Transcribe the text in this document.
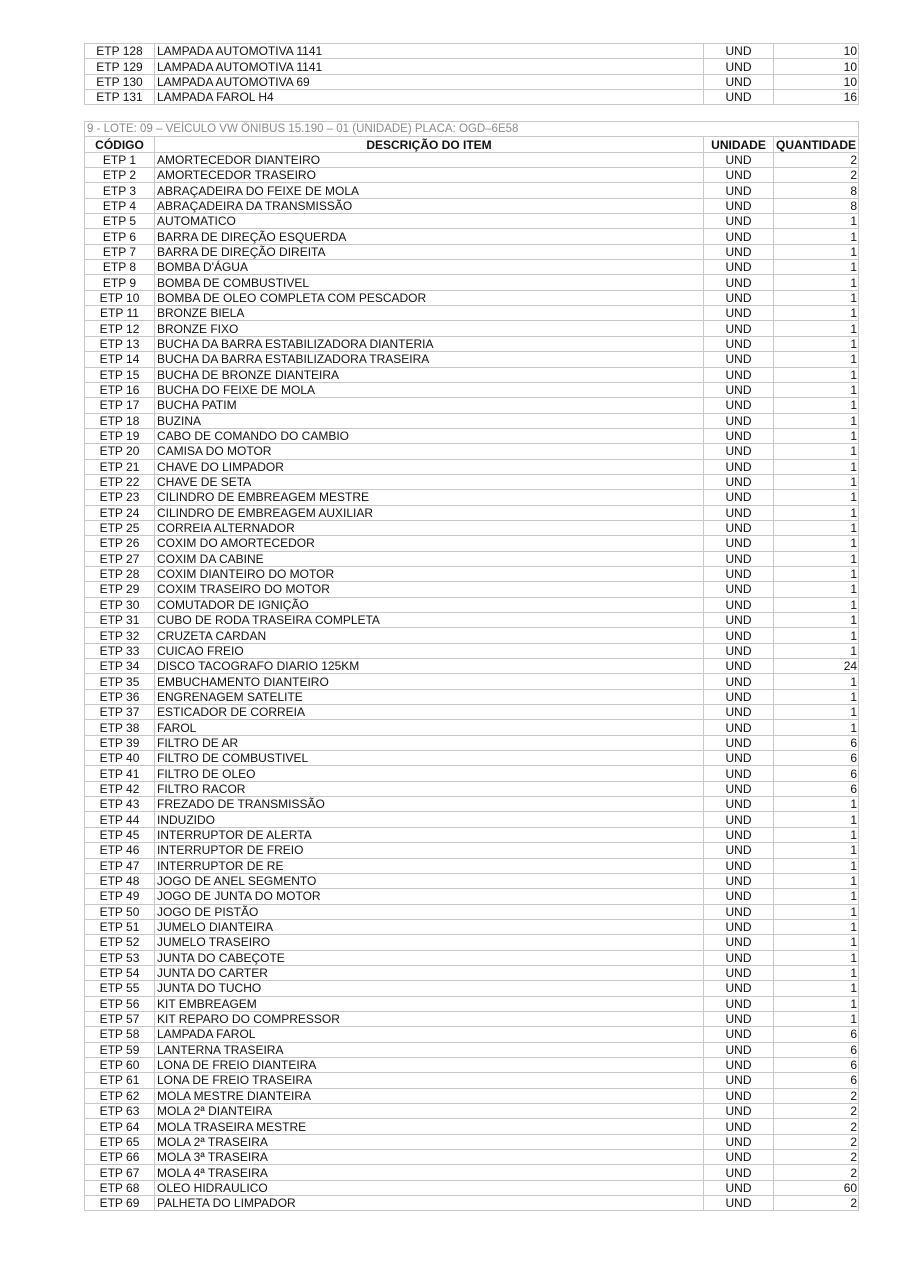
ETP 128	LAMPADA AUTOMOTIVA 1141	UND	10
ETP 129	LAMPADA AUTOMOTIVA 1141	UND	10
ETP 130	LAMPADA AUTOMOTIVA 69	UND	10
ETP 131	LAMPADA FAROL H4	UND	16
9 - LOTE: 09 – VEÍCULO VW ÔNIBUS 15.190 – 01 (UNIDADE) PLACA: OGD–6E58			
CÓDIGO	DESCRIÇÃO DO ITEM	UNIDADE	QUANTIDADE
ETP 1	AMORTECEDOR DIANTEIRO	UND	2
ETP 2	AMORTECEDOR TRASEIRO	UND	2
ETP 3	ABRAÇADEIRA DO FEIXE DE MOLA	UND	8
ETP 4	ABRAÇADEIRA DA TRANSMISSÃO	UND	8
ETP 5	AUTOMATICO	UND	1
ETP 6	BARRA DE DIREÇÃO ESQUERDA	UND	1
ETP 7	BARRA DE DIREÇÃO DIREITA	UND	1
ETP 8	BOMBA D'ÁGUA	UND	1
ETP 9	BOMBA DE COMBUSTIVEL	UND	1
ETP 10	BOMBA DE OLEO COMPLETA COM PESCADOR	UND	1
ETP 11	BRONZE BIELA	UND	1
ETP 12	BRONZE FIXO	UND	1
ETP 13	BUCHA DA BARRA ESTABILIZADORA DIANTERIA	UND	1
ETP 14	BUCHA DA BARRA ESTABILIZADORA TRASEIRA	UND	1
ETP 15	BUCHA DE BRONZE DIANTEIRA	UND	1
ETP 16	BUCHA DO FEIXE DE MOLA	UND	1
ETP 17	BUCHA PATIM	UND	1
ETP 18	BUZINA	UND	1
ETP 19	CABO DE COMANDO DO CAMBIO	UND	1
ETP 20	CAMISA DO MOTOR	UND	1
ETP 21	CHAVE DO LIMPADOR	UND	1
ETP 22	CHAVE DE SETA	UND	1
ETP 23	CILINDRO DE EMBREAGEM MESTRE	UND	1
ETP 24	CILINDRO DE EMBREAGEM AUXILIAR	UND	1
ETP 25	CORREIA ALTERNADOR	UND	1
ETP 26	COXIM DO AMORTECEDOR	UND	1
ETP 27	COXIM DA CABINE	UND	1
ETP 28	COXIM DIANTEIRO DO MOTOR	UND	1
ETP 29	COXIM TRASEIRO DO MOTOR	UND	1
ETP 30	COMUTADOR DE IGNIÇÃO	UND	1
ETP 31	CUBO DE RODA TRASEIRA COMPLETA	UND	1
ETP 32	CRUZETA CARDAN	UND	1
ETP 33	CUICAO FREIO	UND	1
ETP 34	DISCO TACOGRAFO DIARIO 125KM	UND	24
ETP 35	EMBUCHAMENTO DIANTEIRO	UND	1
ETP 36	ENGRENAGEM SATELITE	UND	1
ETP 37	ESTICADOR DE CORREIA	UND	1
ETP 38	FAROL	UND	1
ETP 39	FILTRO DE AR	UND	6
ETP 40	FILTRO DE COMBUSTIVEL	UND	6
ETP 41	FILTRO DE OLEO	UND	6
ETP 42	FILTRO RACOR	UND	6
ETP 43	FREZADO DE TRANSMISSÃO	UND	1
ETP 44	INDUZIDO	UND	1
ETP 45	INTERRUPTOR DE ALERTA	UND	1
ETP 46	INTERRUPTOR DE FREIO	UND	1
ETP 47	INTERRUPTOR DE RE	UND	1
ETP 48	JOGO DE ANEL SEGMENTO	UND	1
ETP 49	JOGO DE JUNTA DO MOTOR	UND	1
ETP 50	JOGO DE PISTÃO	UND	1
ETP 51	JUMELO DIANTEIRA	UND	1
ETP 52	JUMELO TRASEIRO	UND	1
ETP 53	JUNTA DO CABEÇOTE	UND	1
ETP 54	JUNTA DO CARTER	UND	1
ETP 55	JUNTA DO TUCHO	UND	1
ETP 56	KIT EMBREAGEM	UND	1
ETP 57	KIT REPARO DO COMPRESSOR	UND	1
ETP 58	LAMPADA FAROL	UND	6
ETP 59	LANTERNA TRASEIRA	UND	6
ETP 60	LONA DE FREIO DIANTEIRA	UND	6
ETP 61	LONA DE FREIO TRASEIRA	UND	6
ETP 62	MOLA MESTRE DIANTEIRA	UND	2
ETP 63	MOLA 2ª DIANTEIRA	UND	2
ETP 64	MOLA TRASEIRA MESTRE	UND	2
ETP 65	MOLA 2ª TRASEIRA	UND	2
ETP 66	MOLA 3ª TRASEIRA	UND	2
ETP 67	MOLA 4ª TRASEIRA	UND	2
ETP 68	OLEO HIDRAULICO	UND	60
ETP 69	PALHETA DO LIMPADOR	UND	2
